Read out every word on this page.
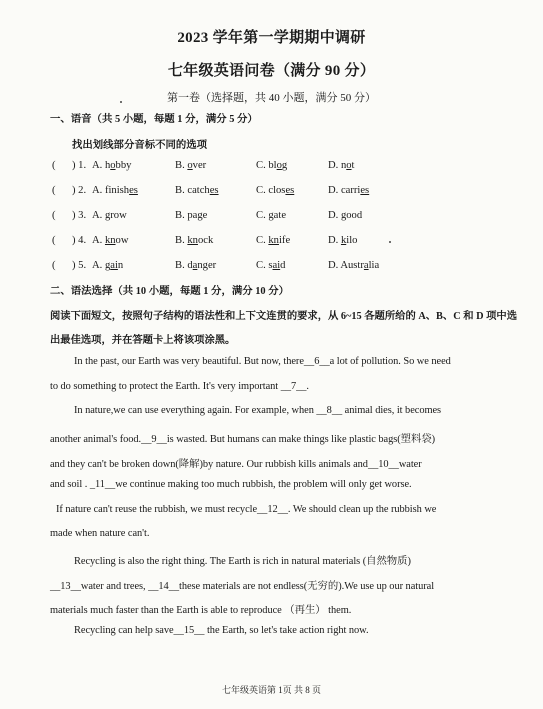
2023 学年第一学期期中调研
七年级英语问卷（满分 90 分）
第一卷（选择题，共 40 小题，满分 50 分）
一、语音（共 5 小题，每题 1 分，满分 5 分）
找出划线部分音标不同的选项
( ) 1. A. hobby	B. over	C. blog	D. not
( ) 2. A. finishes	B. catches	C. closes	D. carries
( ) 3. A. grow	B. page	C. gate	D. good
( ) 4. A. know	B. knock	C. knife	D. kilo
( ) 5. A. gain	B. danger	C. said	D. Australia
二、语法选择（共 10 小题，每题 1 分，满分 10 分）
阅读下面短文，按照句子结构的语法性和上下文连贯的要求，从 6~15 各题所给的 A、B、C 和 D 项中选
出最佳选项，并在答题卡上将该项涂黑。
In the past, our Earth was very beautiful. But now, there__6__a lot of pollution. So we need
to do something to protect the Earth. It's very important __7__.
In nature,we can use everything again. For example, when __8__ animal dies, it becomes
another animal's food.__9__is wasted. But humans can make things like plastic bags(塑料袋)
and they can't be broken down(降解)by nature. Our rubbish kills animals and__10__water
and soil . _11__we continue making too much rubbish, the problem will only get worse.
If nature can't reuse the rubbish, we must recycle__12__. We should clean up the rubbish we
made when nature can't.
Recycling is also the right thing. The Earth is rich in natural materials (自然物质)
__13__water and trees, __14__these materials are not endless(无穷的).We use up our natural
materials much faster than the Earth is able to reproduce （再生） them.
Recycling can help save__15__ the Earth, so let's take action right now.
七年级英语第 1页 共 8 页
